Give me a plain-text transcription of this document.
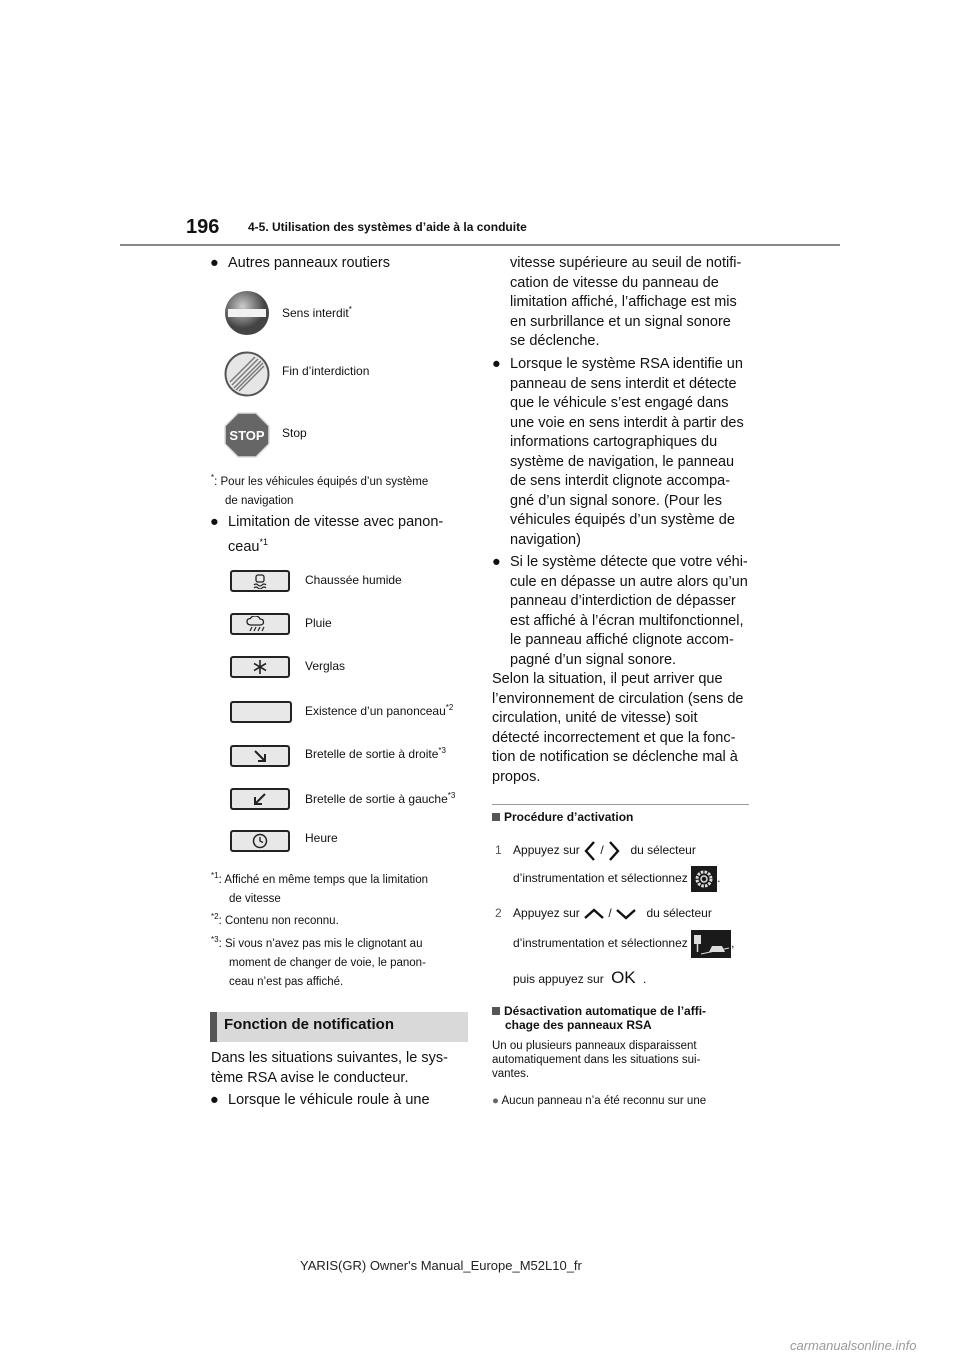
196 4-5. Utilisation des systèmes d’aide à la conduite
● Autres panneaux routiers
Sens interdit*
Fin d’interdiction
STOP Stop
*: Pour les véhicules équipés d’un système
de navigation
● Limitation de vitesse avec panon-
ceau$^{*1}$
Chaussée humide
Pluie
Verglas
Existence d’un panonceau$^{*2}$
Bretelle de sortie à droite$^{*3}$
Bretelle de sortie à gauche$^{*3}$
Heure
$^{*1}$: Affiché en même temps que la limitation
de vitesse
$^{*2}$: Contenu non reconnu.
$^{*3}$: Si vous n’avez pas mis le clignotant au
moment de changer de voie, le panon-
ceau n’est pas affiché.
Fonction de notification
Dans les situations suivantes, le sys-
tème RSA avise le conducteur.
● Lorsque le véhicule roule à une
vitesse supérieure au seuil de notifi-
cation de vitesse du panneau de
limitation affiché, l’affichage est mis
en surbrillance et un signal sonore
se déclenche.
● Lorsque le système RSA identifie un
panneau de sens interdit et détecte
que le véhicule s’est engagé dans
une voie en sens interdit à partir des
informations cartographiques du
système de navigation, le panneau
de sens interdit clignote accompa-
gné d’un signal sonore. (Pour les
véhicules équipés d’un système de
navigation)
● Si le système détecte que votre véhi-
cule en dépasse un autre alors qu’un
panneau d’interdiction de dépasser
est affiché à l’écran multifonctionnel,
le panneau affiché clignote accom-
pagné d’un signal sonore.
Selon la situation, il peut arriver que
l’environnement de circulation (sens de
circulation, unité de vitesse) soit
détecté incorrectement et que la fonc-
tion de notification se déclenche mal à
propos.
Procédure d’activation
1 Appuyez sur / du sélecteur
d’instrumentation et sélectionnez .
2 Appuyez sur /	du sélecteur
d’instrumentation et sélectionnez	,
puis appuyez sur OK .
Désactivation automatique de l’affi-
chage des panneaux RSA
Un ou plusieurs panneaux disparaissent
automatiquement dans les situations sui-
vantes.
● Aucun panneau n’a été reconnu sur une
YARIS(GR) Owner's Manual_Europe_M52L10_fr
carmanualsonline.info
